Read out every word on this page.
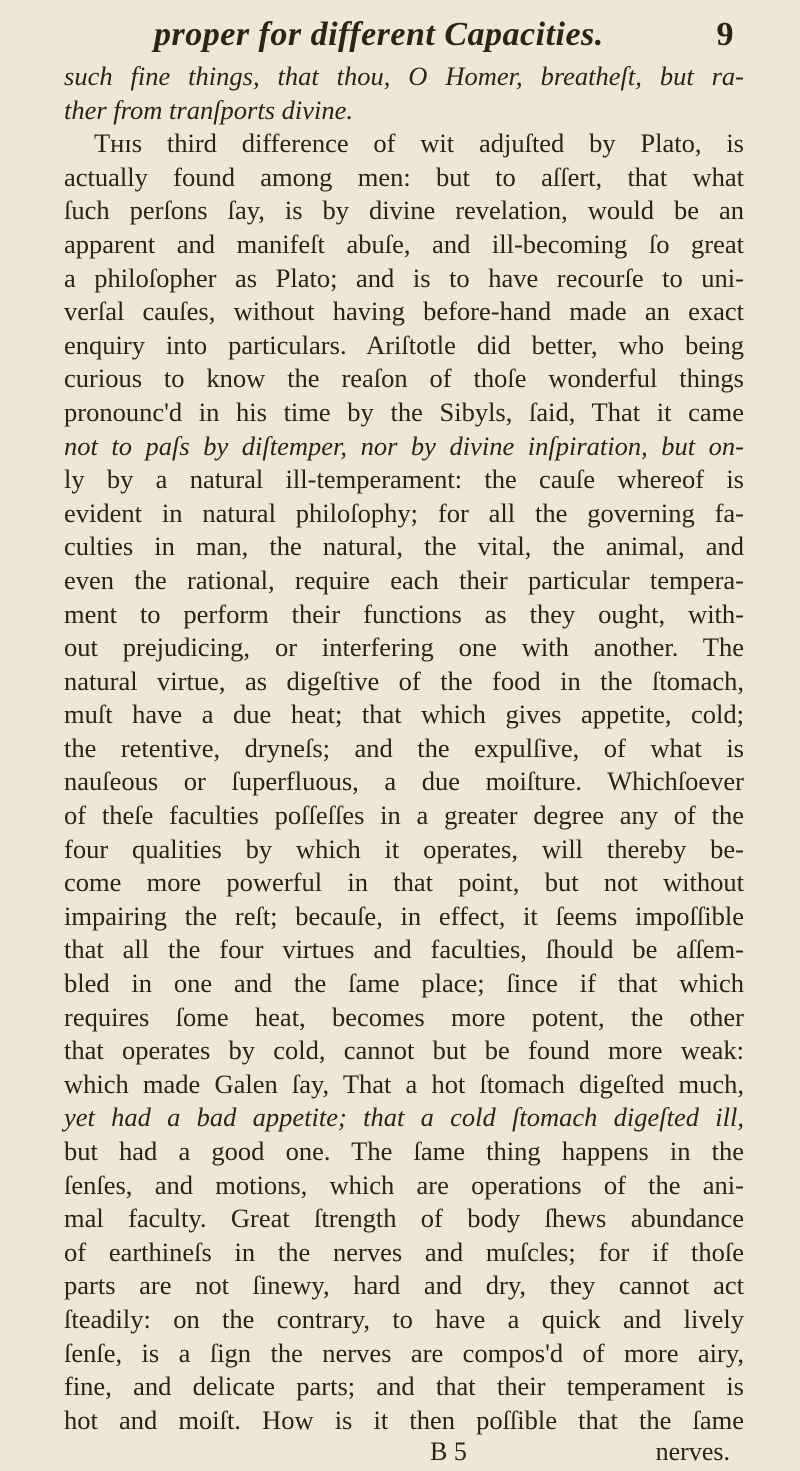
proper for different Capacities.	9
such fine things, that thou, O Homer, breatheſt, but ra-
ther from tranſports divine.
Tʜɪs third difference of wit adjuſted by Plato, is
actually found among men: but to aſſert, that what
ſuch perſons ſay, is by divine revelation, would be an
apparent and manifeſt abuſe, and ill-becoming ſo great
a philoſopher as Plato; and is to have recourſe to uni-
verſal cauſes, without having before-hand made an exact
enquiry into particulars. Ariſtotle did better, who being
curious to know the reaſon of thoſe wonderful things
pronounc'd in his time by the Sibyls, ſaid, That it came
not to paſs by diſtemper, nor by divine inſpiration, but on-
ly by a natural ill-temperament: the cauſe whereof is
evident in natural philoſophy; for all the governing fa-
culties in man, the natural, the vital, the animal, and
even the rational, require each their particular tempera-
ment to perform their functions as they ought, with-
out prejudicing, or interfering one with another. The
natural virtue, as digeſtive of the food in the ſtomach,
muſt have a due heat; that which gives appetite, cold;
the retentive, dryneſs; and the expulſive, of what is
nauſeous or ſuperfluous, a due moiſture. Whichſoever
of theſe faculties poſſeſſes in a greater degree any of the
four qualities by which it operates, will thereby be-
come more powerful in that point, but not without
impairing the reſt; becauſe, in effect, it ſeems impoſſible
that all the four virtues and faculties, ſhould be aſſem-
bled in one and the ſame place; ſince if that which
requires ſome heat, becomes more potent, the other
that operates by cold, cannot but be found more weak:
which made Galen ſay, That a hot ſtomach digeſted much,
yet had a bad appetite; that a cold ſtomach digeſted ill,
but had a good one. The ſame thing happens in the
ſenſes, and motions, which are operations of the ani-
mal faculty. Great ſtrength of body ſhews abundance
of earthineſs in the nerves and muſcles; for if thoſe
parts are not ſinewy, hard and dry, they cannot act
ſteadily: on the contrary, to have a quick and lively
ſenſe, is a ſign the nerves are compos'd of more airy,
fine, and delicate parts; and that their temperament is
hot and moiſt. How is it then poſſible that the ſame
B 5	nerves.
